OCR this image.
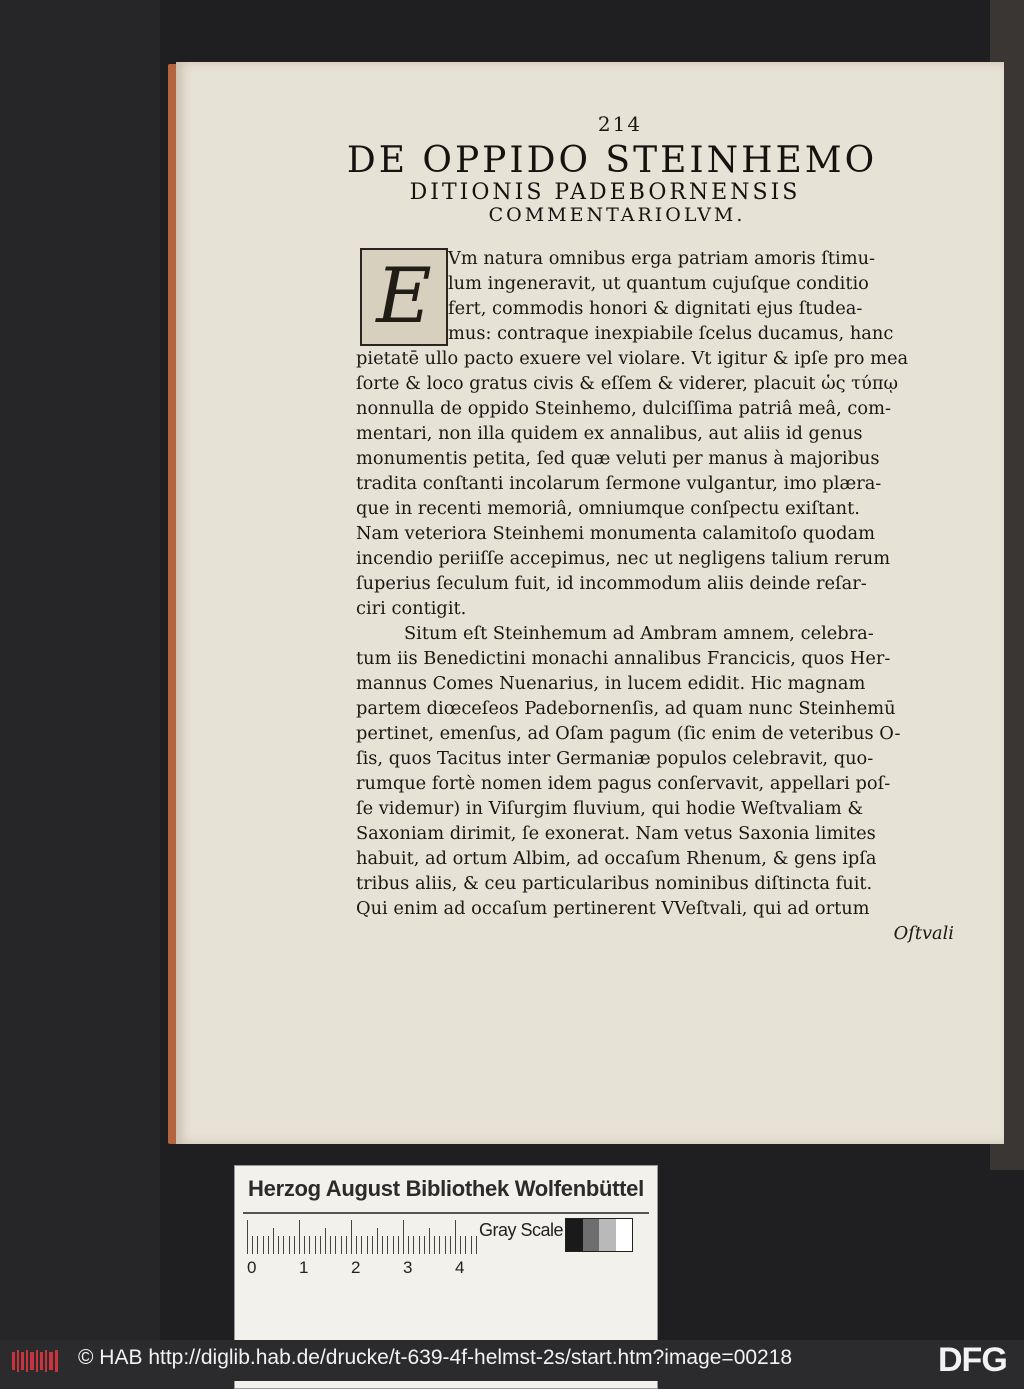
214
DE OPPIDO STEINHEMO
DITIONIS PADEBORNENSIS
COMMENTARIOLVM.
E Vm natura omnibus erga patriam amoris ſtimu-
lum ingeneravit, ut quantum cujuſque conditio
fert, commodis honori & dignitati ejus ſtudea-
mus: contraque inexpiabile ſcelus ducamus, hanc
pietatē ullo pacto exuere vel violare. Vt igitur & ipſe pro mea
ſorte & loco gratus civis & eſſem & viderer, placuit ὡς τύπῳ
nonnulla de oppido Steinhemo, dulciſſima patriâ meâ, com-
mentari, non illa quidem ex annalibus, aut aliis id genus
monumentis petita, ſed quæ veluti per manus à majoribus
tradita conſtanti incolarum ſermone vulgantur, imo plæra-
que in recenti memoriâ, omniumque conſpectu exiſtant.
Nam veteriora Steinhemi monumenta calamitoſo quodam
incendio periiſſe accepimus, nec ut negligens talium rerum
ſuperius ſeculum fuit, id incommodum aliis deinde reſar-
ciri contigit.
Situm eſt Steinhemum ad Ambram amnem, celebra-
tum iis Benedictini monachi annalibus Francicis, quos Her-
mannus Comes Nuenarius, in lucem edidit. Hic magnam
partem diœceſeos Padebornenſis, ad quam nunc Steinhemū
pertinet, emenſus, ad Oſam pagum (ſic enim de veteribus O-
ſis, quos Tacitus inter Germaniæ populos celebravit, quo-
rumque fortè nomen idem pagus conſervavit, appellari poſ-
ſe videmur) in Viſurgim fluvium, qui hodie Weſtvaliam &
Saxoniam dirimit, ſe exonerat. Nam vetus Saxonia limites
habuit, ad ortum Albim, ad occaſum Rhenum, & gens ipſa
tribus aliis, & ceu particularibus nominibus diſtincta fuit.
Qui enim ad occaſum pertinerent VVeſtvali, qui ad ortum
Oſtvali
Herzog August Bibliothek Wolfenbüttel
0	1	2	3	4
Gray Scale
© HAB http://diglib.hab.de/drucke/t-639-4f-helmst-2s/start.htm?image=00218	DFG
